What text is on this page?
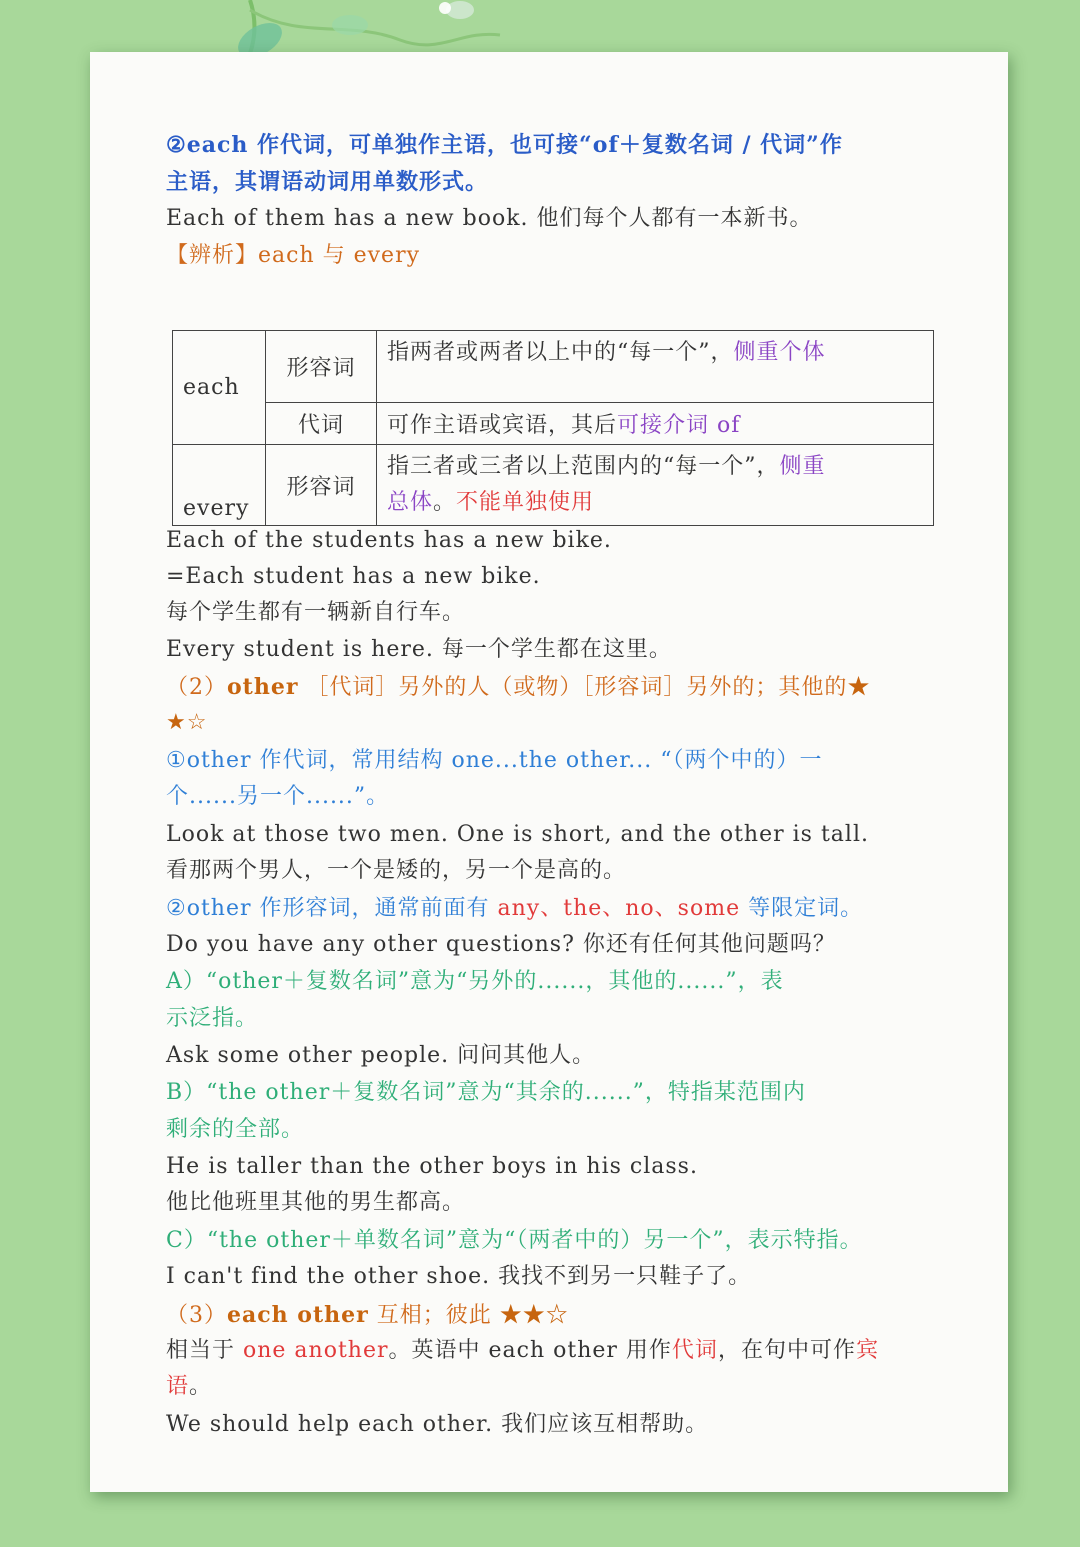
②each 作代词，可单独作主语，也可接“of＋复数名词 / 代词”作
主语，其谓语动词用单数形式。
Each of them has a new book. 他们每个人都有一本新书。
【辨析】each 与 every
each	形容词	指两者或两者以上中的“每一个”，侧重个体
	代词	可作主语或宾语，其后可接介词 of
every	形容词	指三者或三者以上范围内的“每一个”，侧重
总体。不能单独使用
Each of the students has a new bike.
=Each student has a new bike.
每个学生都有一辆新自行车。
Every student is here. 每一个学生都在这里。
（2）other ［代词］另外的人（或物）［形容词］另外的；其他的★
★☆
①other 作代词，常用结构 one...the other... “（两个中的）一
个......另一个......”。
Look at those two men. One is short, and the other is tall.
看那两个男人，一个是矮的，另一个是高的。
②other 作形容词，通常前面有 any、the、no、some 等限定词。
Do you have any other questions? 你还有任何其他问题吗？
A）“other＋复数名词”意为“另外的......，其他的......”，表
示泛指。
Ask some other people. 问问其他人。
B）“the other＋复数名词”意为“其余的......”，特指某范围内
剩余的全部。
He is taller than the other boys in his class.
他比他班里其他的男生都高。
C）“the other＋单数名词”意为“（两者中的）另一个”，表示特指。
I can't find the other shoe. 我找不到另一只鞋子了。
（3）each other 互相；彼此 ★★☆
相当于 one another。英语中 each other 用作代词，在句中可作宾
语。
We should help each other. 我们应该互相帮助。
